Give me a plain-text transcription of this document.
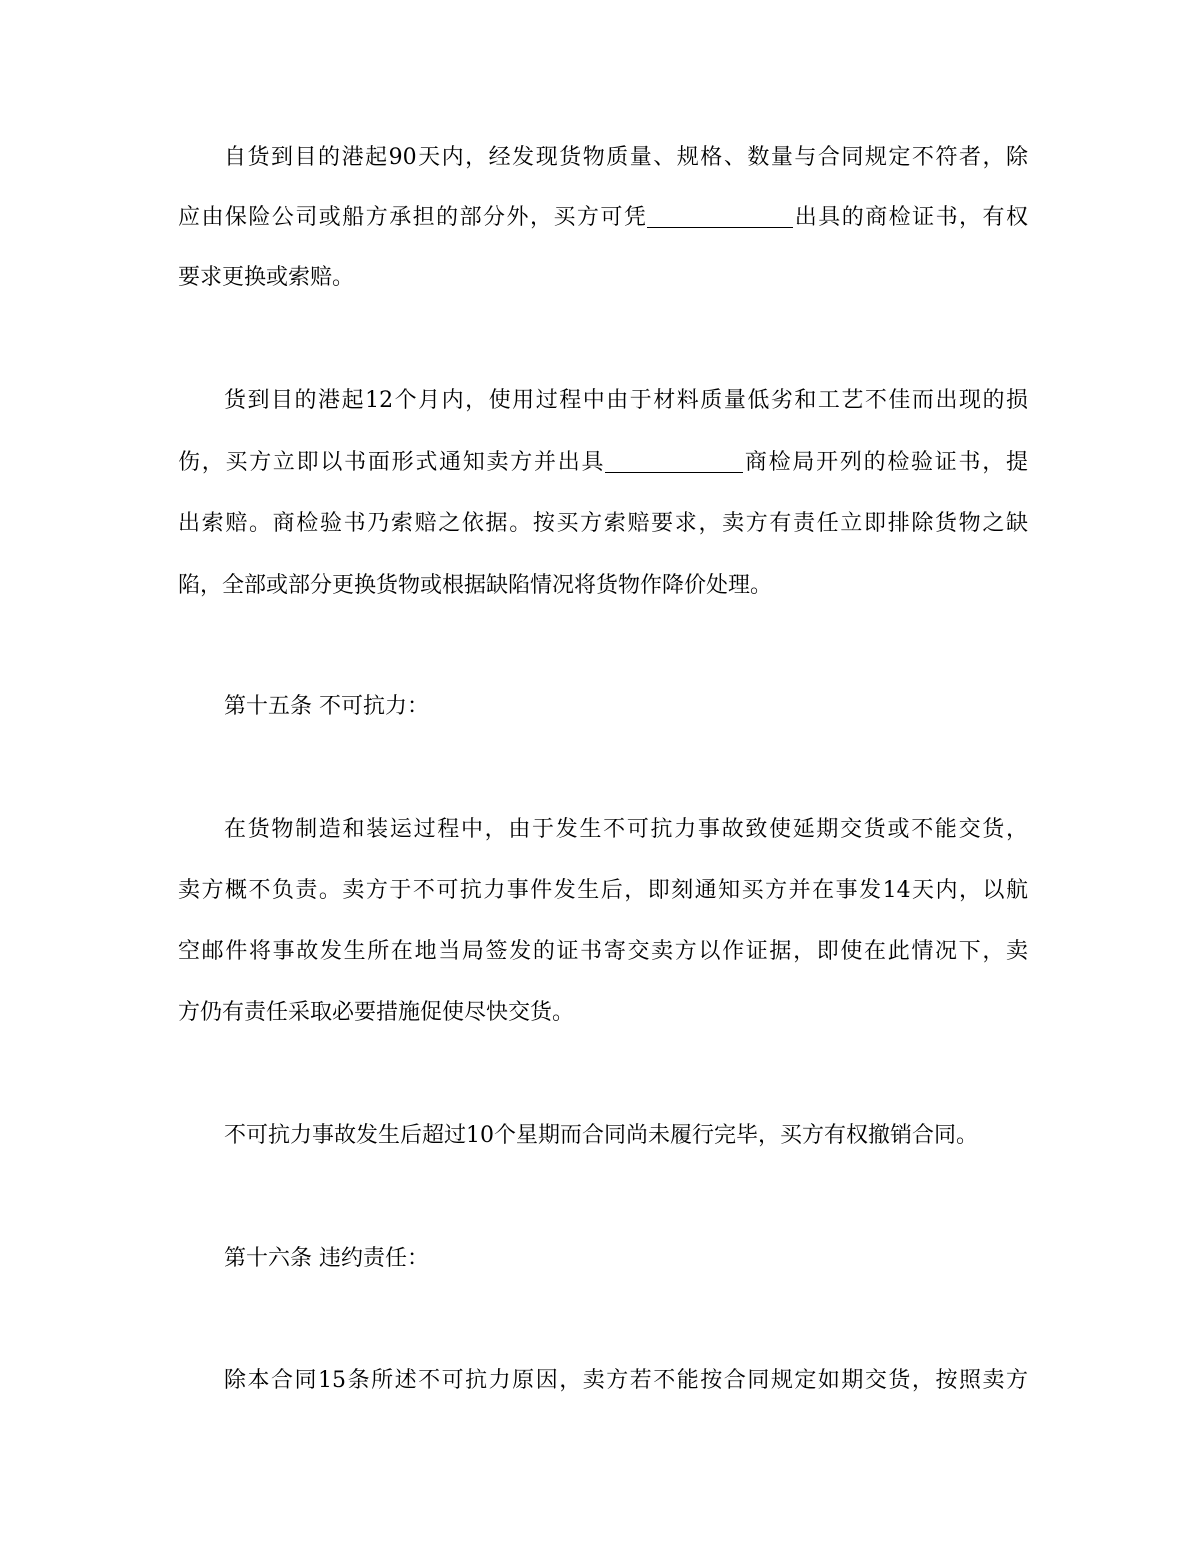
自货到目的港起90天内，经发现货物质量、规格、数量与合同规定不符者，除
应由保险公司或船方承担的部分外，买方可凭	出具的商检证书，有权
要求更换或索赔。
货到目的港起12个月内，使用过程中由于材料质量低劣和工艺不佳而出现的损
伤，买方立即以书面形式通知卖方并出具	商检局开列的检验证书，提
出索赔。商检验书乃索赔之依据。按买方索赔要求，卖方有责任立即排除货物之缺
陷，全部或部分更换货物或根据缺陷情况将货物作降价处理。
第十五条 不可抗力：
在货物制造和装运过程中，由于发生不可抗力事故致使延期交货或不能交货，
卖方概不负责。卖方于不可抗力事件发生后，即刻通知买方并在事发14天内，以航
空邮件将事故发生所在地当局签发的证书寄交卖方以作证据，即使在此情况下，卖
方仍有责任采取必要措施促使尽快交货。
不可抗力事故发生后超过10个星期而合同尚未履行完毕，买方有权撤销合同。
第十六条 违约责任：
除本合同15条所述不可抗力原因，卖方若不能按合同规定如期交货，按照卖方
